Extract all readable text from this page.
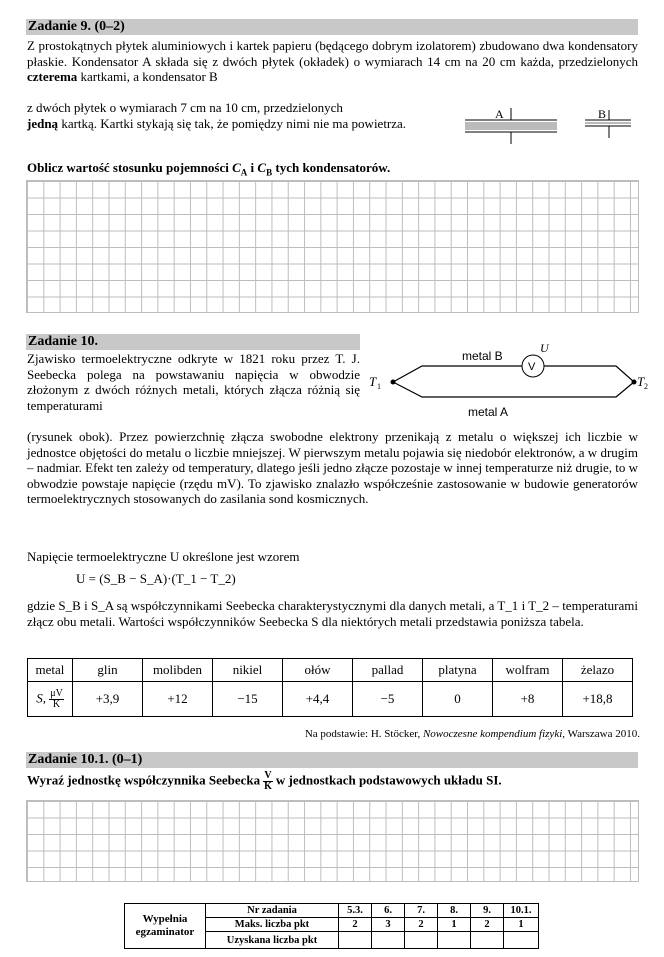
Zadanie 9. (0–2)
Z prostokątnych płytek aluminiowych i kartek papieru (będącego dobrym izolatorem) zbudowano dwa kondensatory płaskie. Kondensator A składa się z dwóch płytek (okładek) o wymiarach 14 cm na 20 cm każda, przedzielonych czterema kartkami, a kondensator B
z dwóch płytek o wymiarach 7 cm na 10 cm, przedzielonych
jedną kartką. Kartki stykają się tak, że pomiędzy nimi nie ma powietrza.
A	B
Oblicz wartość stosunku pojemności $C_A$ i $C_B$ tych kondensatorów.
Zadanie 10.
Zjawisko termoelektryczne odkryte w 1821 roku przez T. J. Seebecka polega na powstawaniu napięcia w obwodzie złożonym z dwóch różnych metali, których złącza różnią się temperaturami
V
metal B
metal A
U
T 1	T 2
(rysunek obok). Przez powierzchnię złącza swobodne elektrony przenikają z metalu o większej ich liczbie w jednostce objętości do metalu o liczbie mniejszej. W pierwszym metalu pojawia się niedobór elektronów, a w drugim – nadmiar. Efekt ten zależy od temperatury, dlatego jeśli jedno złącze pozostaje w innej temperaturze niż drugie, to w obwodzie powstaje napięcie (rzędu mV). To zjawisko znalazło współcześnie zastosowanie w budowie generatorów termoelektrycznych stosowanych do zasilania sond kosmicznych.
Napięcie termoelektryczne U określone jest wzorem
U = (S_B − S_A)·(T_1 − T_2)
gdzie S_B i S_A są współczynnikami Seebecka charakterystycznymi dla danych metali, a T_1 i T_2 – temperaturami złącz obu metali. Wartości współczynników Seebecka S dla niektórych metali przedstawia poniższa tabela.
metal	glin	molibden	nikiel	ołów	pallad	platyna	wolfram	żelazo
S, $\frac{\mu V}{K}$	+3,9	+12	−15	+4,4	−5	0	+8	+18,8
Na podstawie: H. Stöcker, Nowoczesne kompendium fizyki, Warszawa 2010.
Zadanie 10.1. (0–1)
Wyraź jednostkę współczynnika Seebecka $\frac{V}{K}$ w jednostkach podstawowych układu SI.
Wypełnia egzaminator	Nr zadania	5.3.	6.	7.	8.	9.	10.1.
	Maks. liczba pkt	2	3	2	1	2	1
	Uzyskana liczba pkt						
